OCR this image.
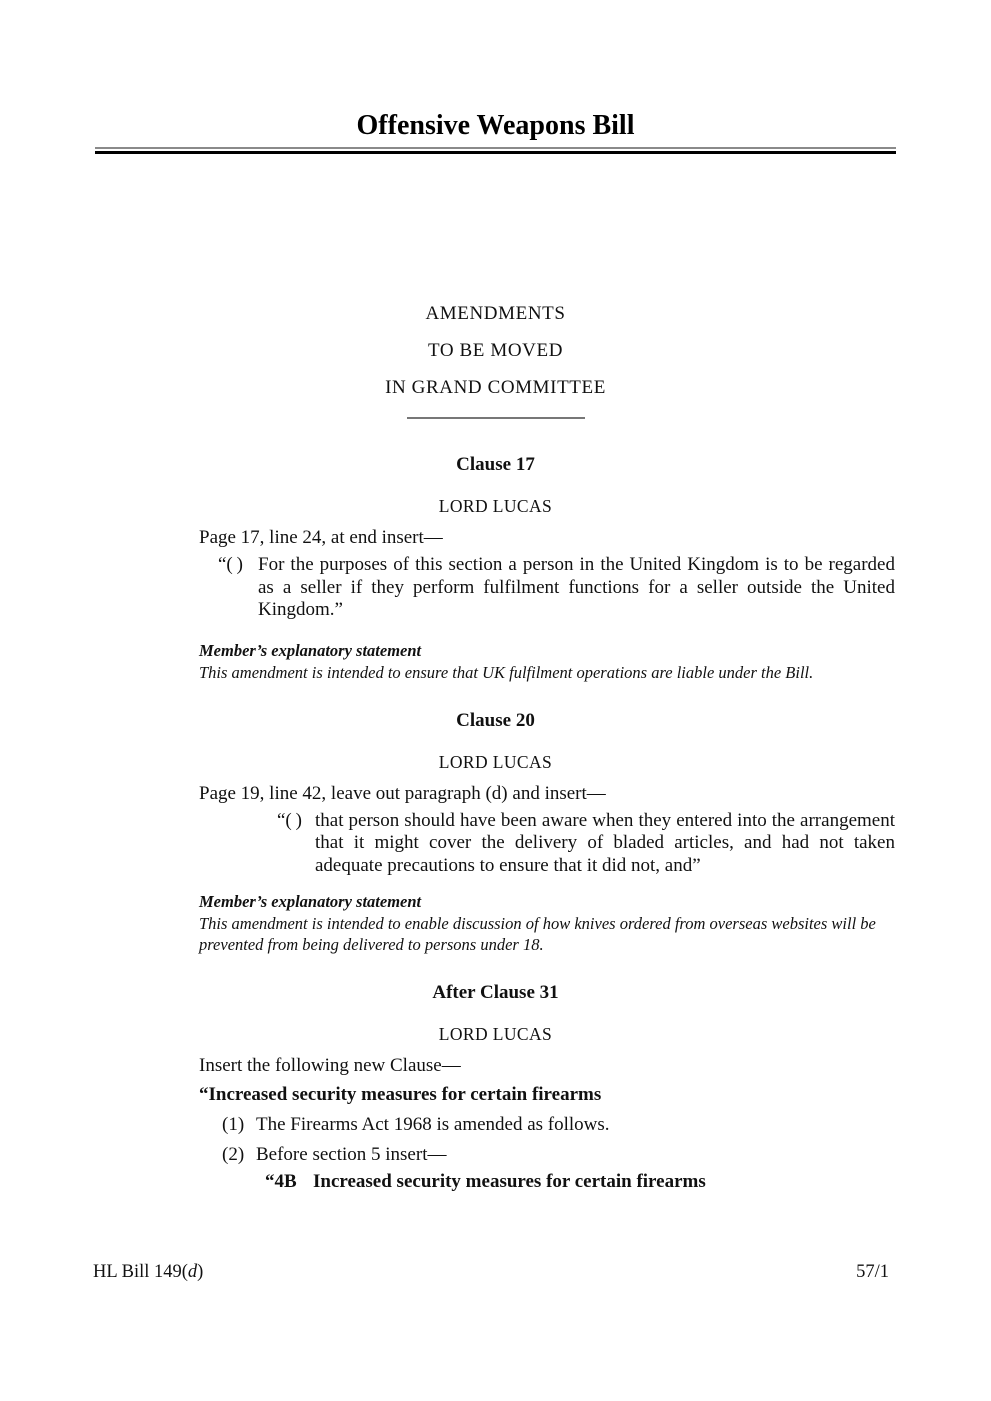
Offensive Weapons Bill
AMENDMENTS
TO BE MOVED
IN GRAND COMMITTEE
Clause 17
LORD LUCAS
Page 17, line 24, at end insert—
“( ) For the purposes of this section a person in the United Kingdom is to be regarded as a seller if they perform fulfilment functions for a seller outside the United Kingdom.”
Member’s explanatory statement
This amendment is intended to ensure that UK fulfilment operations are liable under the Bill.
Clause 20
LORD LUCAS
Page 19, line 42, leave out paragraph (d) and insert—
“( ) that person should have been aware when they entered into the arrangement that it might cover the delivery of bladed articles, and had not taken adequate precautions to ensure that it did not, and”
Member’s explanatory statement
This amendment is intended to enable discussion of how knives ordered from overseas websites will be prevented from being delivered to persons under 18.
After Clause 31
LORD LUCAS
Insert the following new Clause—
“Increased security measures for certain firearms
(1) The Firearms Act 1968 is amended as follows.
(2) Before section 5 insert—
“4B Increased security measures for certain firearms
HL Bill 149(d)	57/1
